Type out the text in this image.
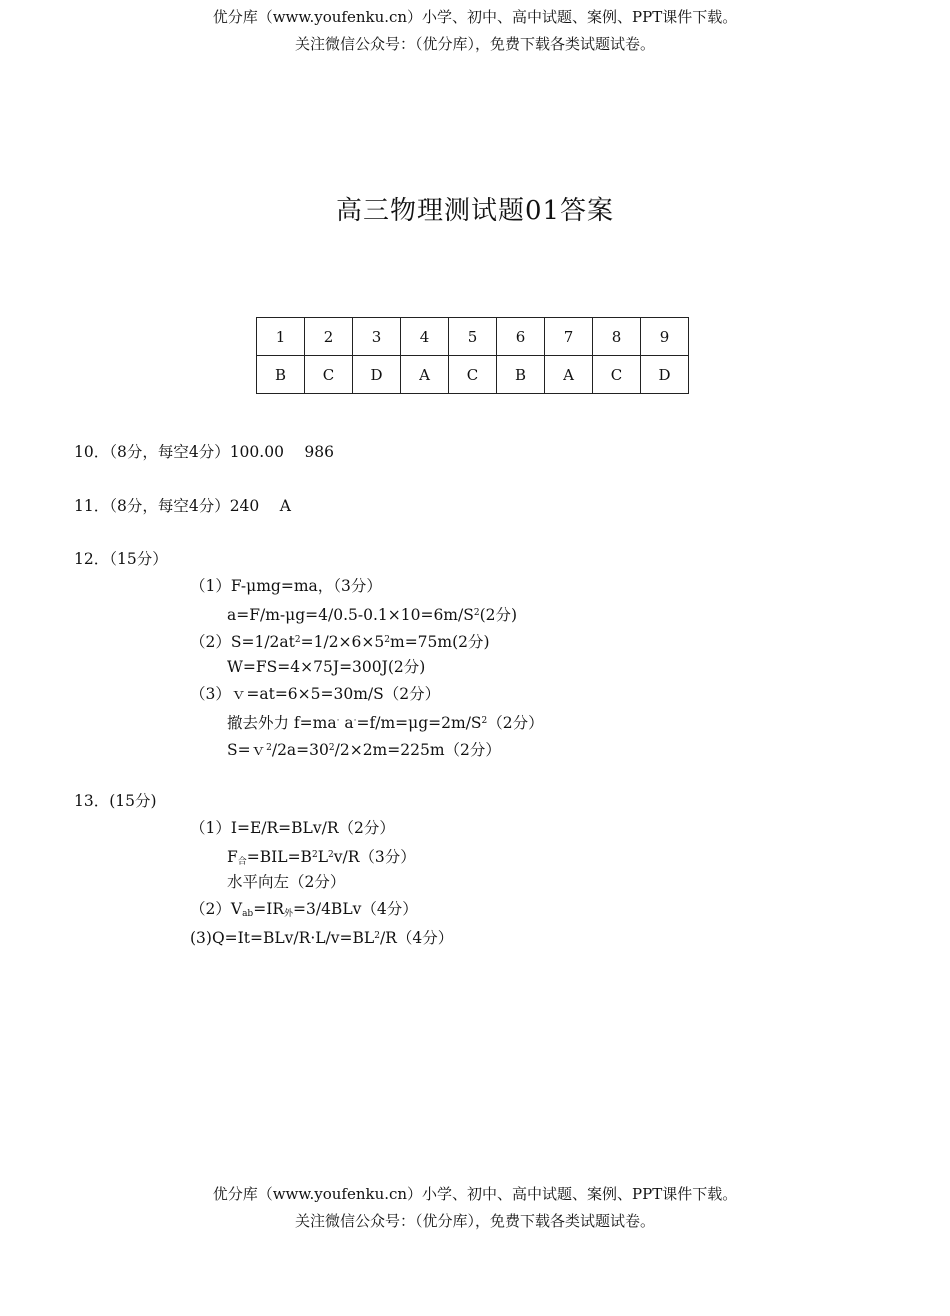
优分库（www.youfenku.cn）小学、初中、高中试题、案例、PPT课件下载。
关注微信公众号：（优分库），免费下载各类试题试卷。
高三物理测试题01答案
1	2	3	4	5	6	7	8	9
B	C	D	A	C	B	A	C	D
10．（8分，每空4分）100.00　 986
11．（8分，每空4分）240　 A
12．（15分）
（1）F-μmg=ma，（3分）
$a=F/m-\mu g=4/0.5-0.1\times 10=6m/S^2(2$分)
$(2)S=1/2at^2=1/2\times 6\times 5^2m=75m(2$分)
W=FS=4×75J=300J(2分)
（3）ｖ=at=6×5=30m/S（2分）
撤去外力 f=ma· $a^\cdot=f/m=\mu g=2m/S^2(2$分）
$S=v^2/2a=30^2/2\times 2m=225m(2$分）
13．(15分)
（1）I=E/R=BLv/R（2分）
$F_合=BIL=B^2L^2v/R(3$分）
水平向左（2分）
$(2)V_{ab}=IR_外=3/4BLv(4$分）
$(3)Q=It=BLv/R\cdot L/v=BL^2/R(4$分）
优分库（www.youfenku.cn）小学、初中、高中试题、案例、PPT课件下载。
关注微信公众号：（优分库），免费下载各类试题试卷。
